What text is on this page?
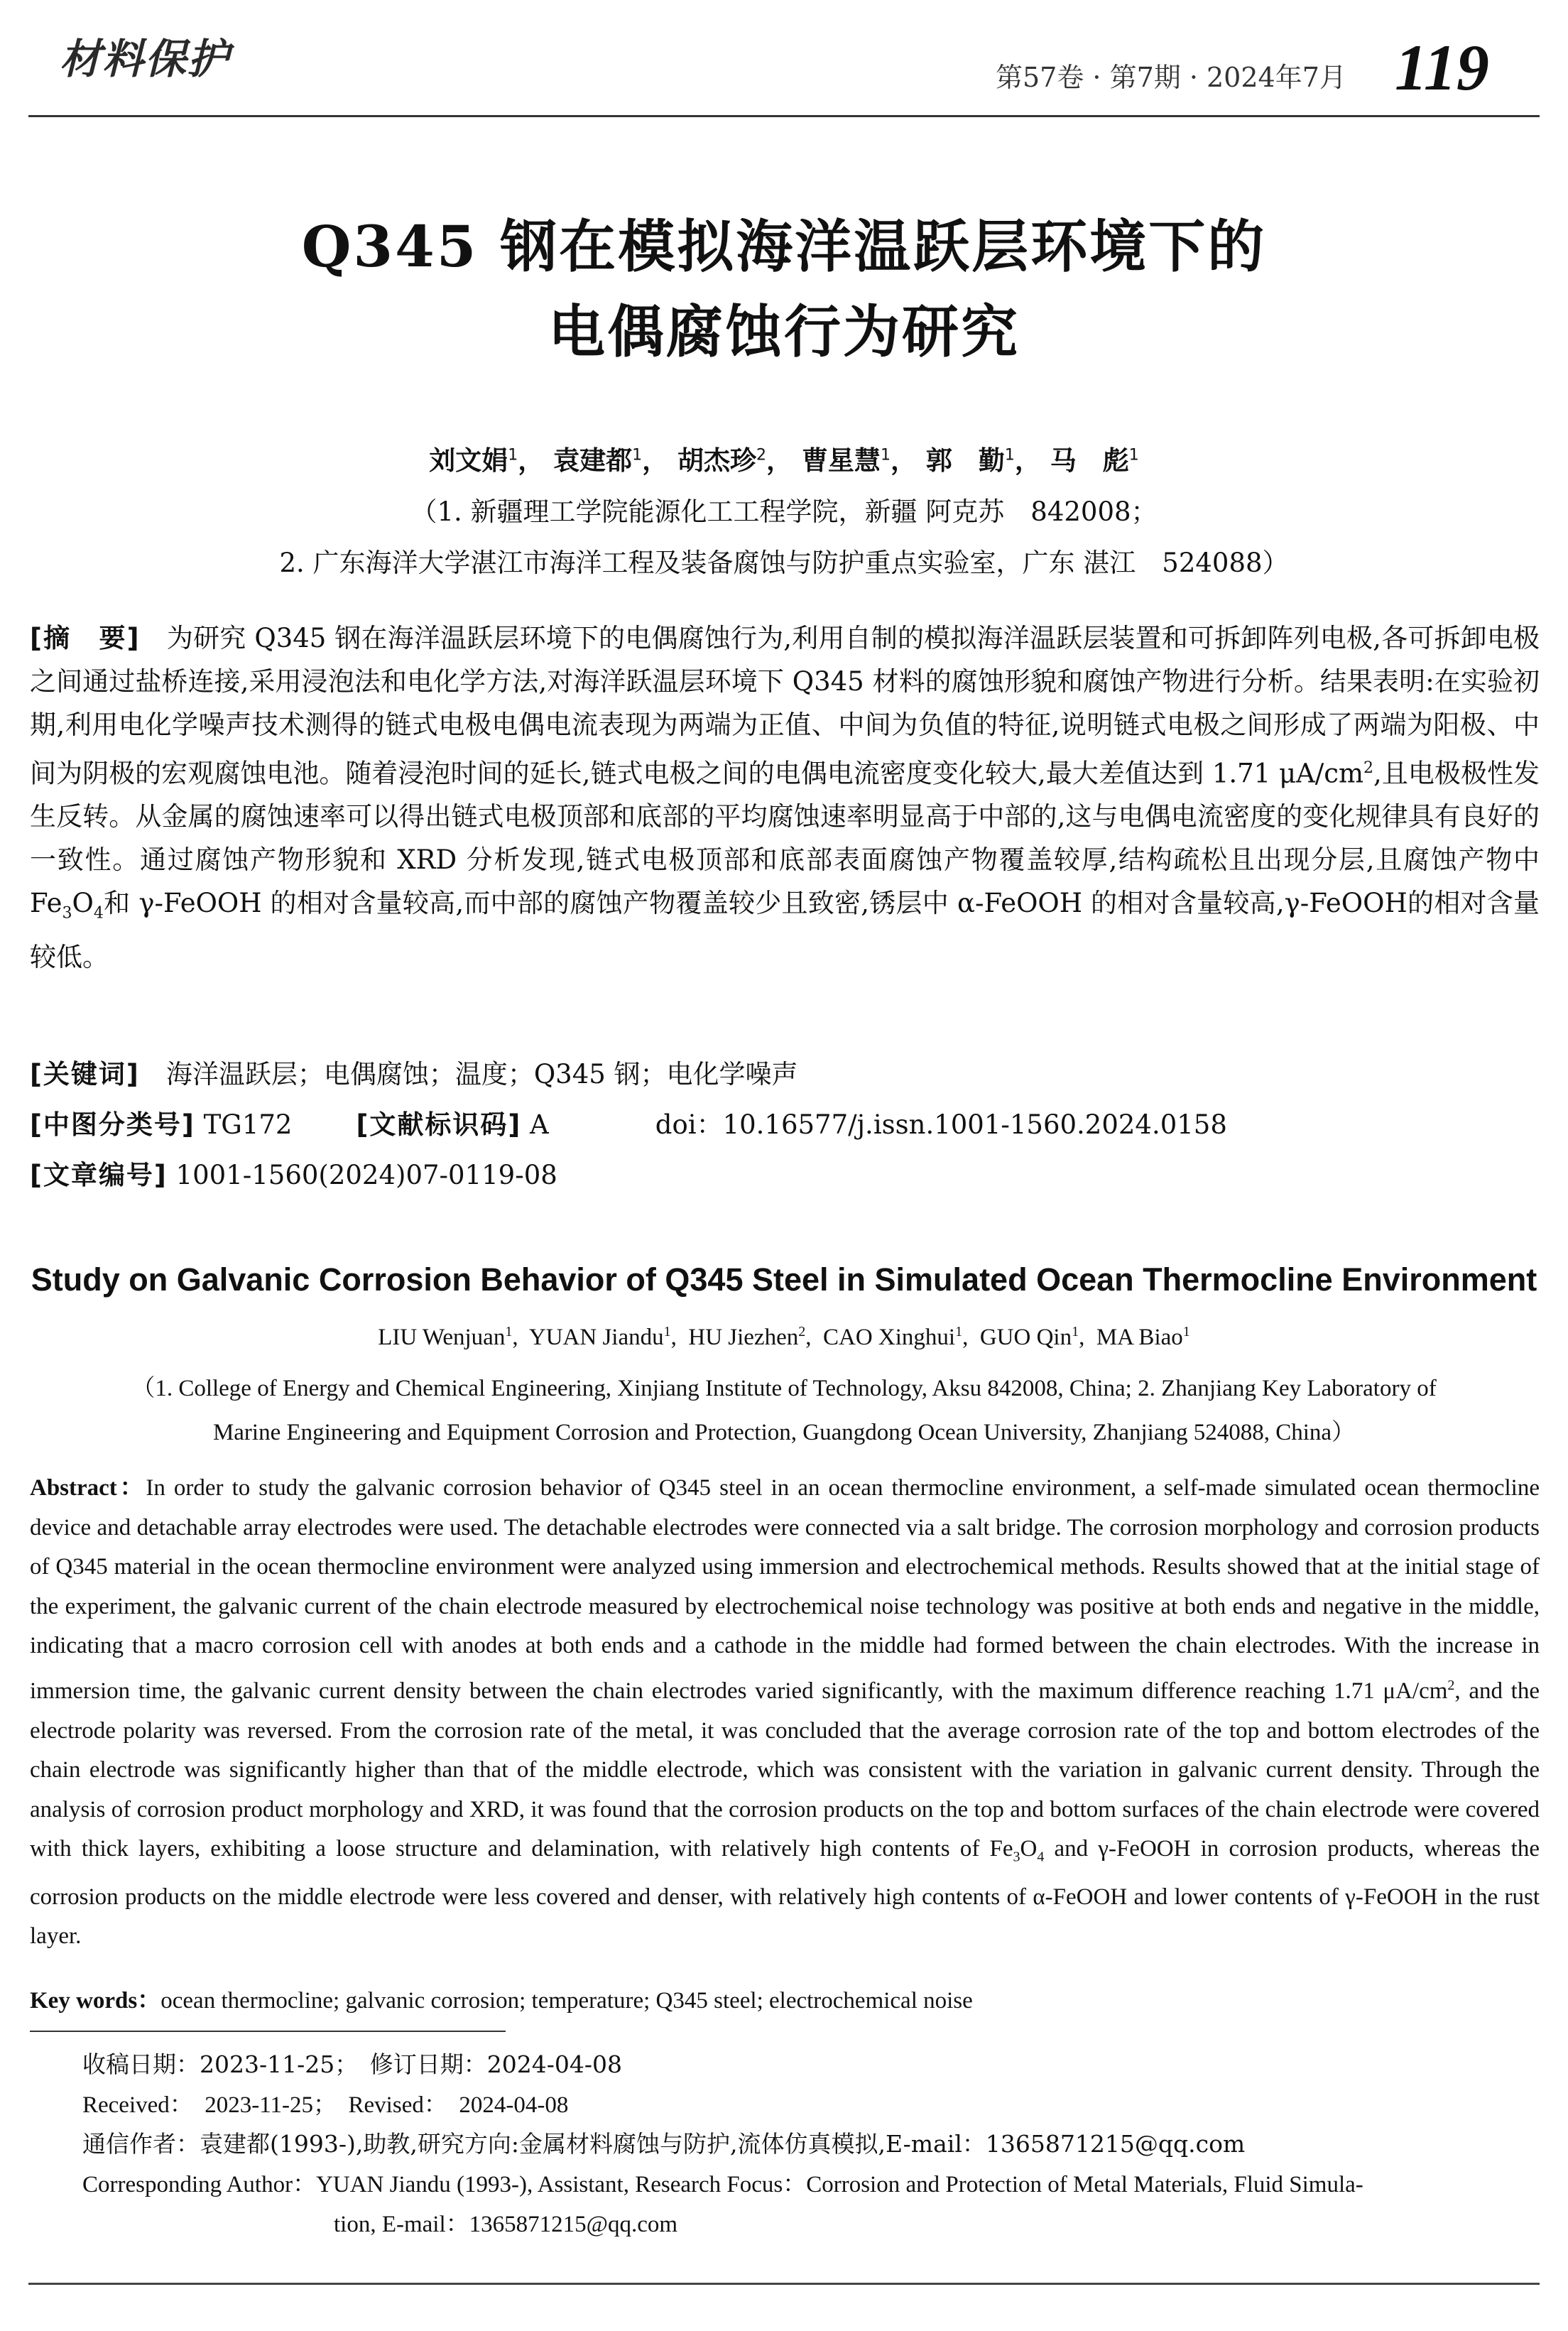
材料保护	第57卷 · 第7期 · 2024年7月 119
Q345 钢在模拟海洋温跃层环境下的
电偶腐蚀行为研究
刘文娟$^1$， 袁建都$^1$， 胡杰珍$^2$， 曹星慧$^1$， 郭　勤$^1$， 马　彪$^1$
（1. 新疆理工学院能源化工工程学院，新疆 阿克苏　842008；
2. 广东海洋大学湛江市海洋工程及装备腐蚀与防护重点实验室，广东 湛江　524088）
[摘　要]　 为研究 Q345 钢在海洋温跃层环境下的电偶腐蚀行为,利用自制的模拟海洋温跃层装置和可拆卸阵列电极,各可拆卸电极之间通过盐桥连接,采用浸泡法和电化学方法,对海洋跃温层环境下 Q345 材料的腐蚀形貌和腐蚀产物进行分析。结果表明:在实验初期,利用电化学噪声技术测得的链式电极电偶电流表现为两端为正值、中间为负值的特征,说明链式电极之间形成了两端为阳极、中间为阴极的宏观腐蚀电池。随着浸泡时间的延长,链式电极之间的电偶电流密度变化较大,最大差值达到 1.71 $\mu A/cm^2$,且电极极性发生反转。从金属的腐蚀速率可以得出链式电极顶部和底部的平均腐蚀速率明显高于中部的,这与电偶电流密度的变化规律具有良好的一致性。通过腐蚀产物形貌和 XRD 分析发现,链式电极顶部和底部表面腐蚀产物覆盖较厚,结构疏松且出现分层,且腐蚀产物中 $Fe_3O_4$和 γ-FeOOH 的相对含量较高,而中部的腐蚀产物覆盖较少且致密,锈层中 α-FeOOH 的相对含量较高,γ-FeOOH的相对含量较低。
[关键词]　 海洋温跃层；电偶腐蚀；温度；Q345 钢；电化学噪声
[中图分类号] TG172 [文献标识码] A	doi：10.16577/j.issn.1001-1560.2024.0158
[文章编号] 1001-1560(2024)07-0119-08
Study on Galvanic Corrosion Behavior of Q345 Steel in Simulated Ocean Thermocline Environment
LIU Wenjuan$^1$,  YUAN Jiandu$^1$,  HU Jiezhen$^2$,  CAO Xinghui$^1$,  GUO Qin$^1$,  MA Biao$^1$
（1. College of Energy and Chemical Engineering, Xinjiang Institute of Technology, Aksu 842008, China; 2. Zhanjiang Key Laboratory of
Marine Engineering and Equipment Corrosion and Protection, Guangdong Ocean University, Zhanjiang 524088, China）
Abstract：In order to study the galvanic corrosion behavior of Q345 steel in an ocean thermocline environment, a self-made simulated ocean thermocline device and detachable array electrodes were used. The detachable electrodes were connected via a salt bridge. The corrosion morphology and corrosion products of Q345 material in the ocean thermocline environment were analyzed using immersion and electrochemical methods. Results showed that at the initial stage of the experiment, the galvanic current of the chain electrode measured by electrochemical noise technology was positive at both ends and negative in the middle, indicating that a macro corrosion cell with anodes at both ends and a cathode in the middle had formed between the chain electrodes. With the increase in immersion time, the galvanic current density between the chain electrodes varied significantly, with the maximum difference reaching 1.71 $\mu A/cm^2$, and the electrode polarity was reversed. From the corrosion rate of the metal, it was concluded that the average corrosion rate of the top and bottom electrodes of the chain electrode was significantly higher than that of the middle electrode, which was consistent with the variation in galvanic current density. Through the analysis of corrosion product morphology and XRD, it was found that the corrosion products on the top and bottom surfaces of the chain electrode were covered with thick layers, exhibiting a loose structure and delamination, with relatively high contents of $Fe_3O_4$ and γ-FeOOH in corrosion products, whereas the corrosion products on the middle electrode were less covered and denser, with relatively high contents of α-FeOOH and lower contents of γ-FeOOH in the rust layer.
Key words：ocean thermocline; galvanic corrosion; temperature; Q345 steel; electrochemical noise
收稿日期：2023-11-25；　修订日期：2024-04-08
Received：　2023-11-25；　Revised：　2024-04-08
通信作者：袁建都(1993-),助教,研究方向:金属材料腐蚀与防护,流体仿真模拟,E-mail：1365871215@qq.com
Corresponding Author：YUAN Jiandu (1993-), Assistant, Research Focus：Corrosion and Protection of Metal Materials, Fluid Simula-
tion, E-mail：1365871215@qq.com
